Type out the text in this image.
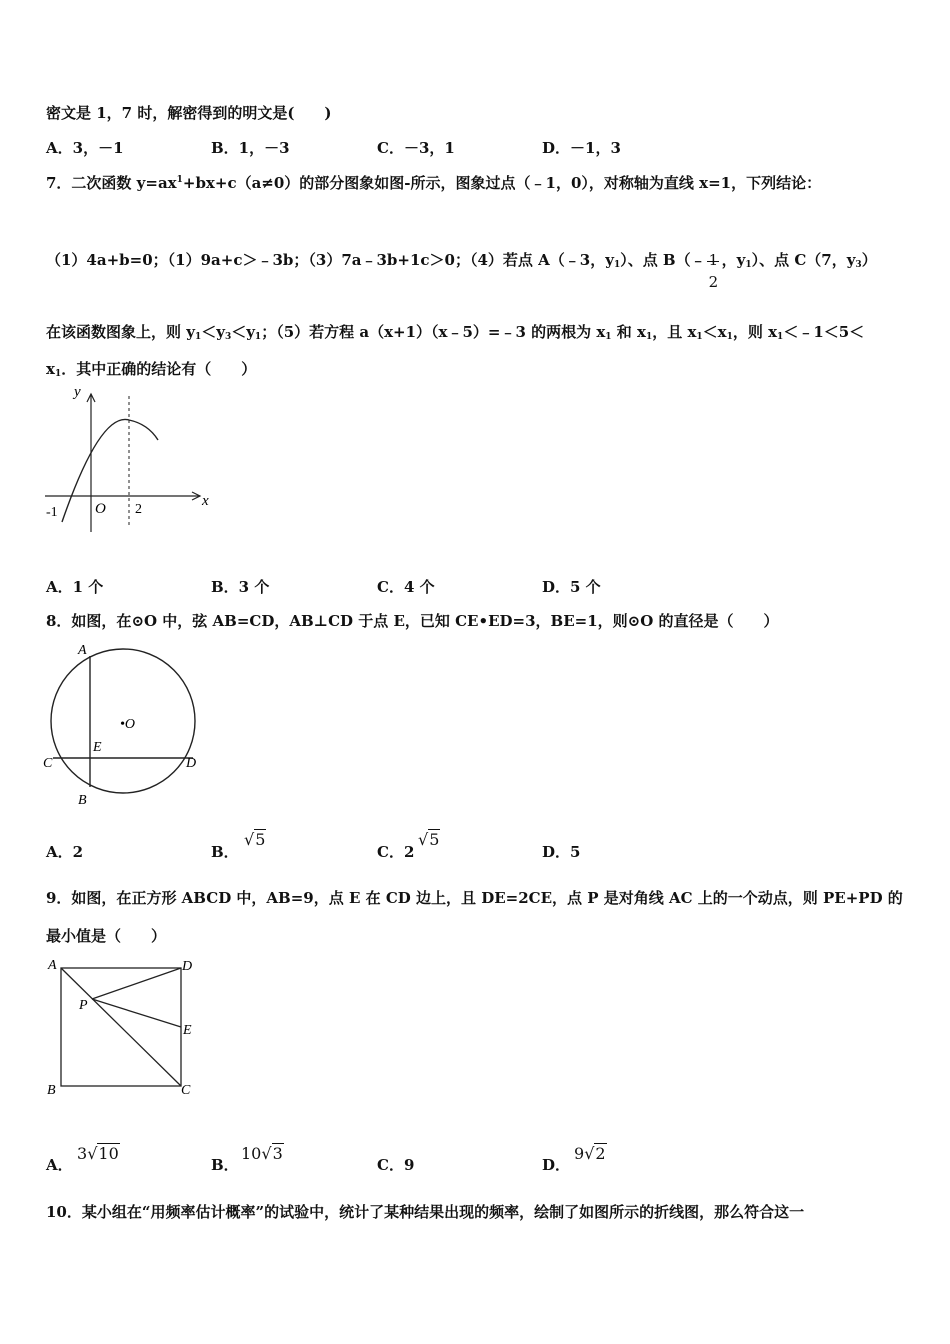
密文是 1，7 时，解密得到的明文是(　　)
A．3，－1	B．1，－3	C．－3，1	D．－1，3
7．二次函数 $y=ax^1+bx+c(a\ne 0)$的部分图象如图-所示，图象过点（﹣1，0），对称轴为直线 x=1，下列结论：
（1）4a+b=0；（1）9a+c＞﹣3b；（3）7a﹣3b+1c＞0；（4）若点 A（﹣3，$y_1$）、点 B（﹣ 1
2
，$y_1$）、点 C（7，$y_3$）
在该函数图象上，则 $y_1<y_3<y_1$；（5）若方程 a（x+1）（x﹣5）=﹣3 的两根为 $x_1$ 和 $x_1$，且 $x_1<x_1$，则 $x_1<﹣1<5<$
$x_1$．其中正确的结论有（　　）
y
x
O
-1	2
A．1 个	B．3 个	C．4 个	D．5 个
8．如图，在⊙O 中，弦 AB=CD，AB⊥CD 于点 E，已知 CE•ED=3，BE=1，则⊙O 的直径是（　　）
A
•O
E
C	D
B
A．2	B．
√5
C．2
√5
D．5
9．如图，在正方形 ABCD 中，AB=9，点 E 在 CD 边上，且 DE=2CE，点 P 是对角线 AC 上的一个动点，则 PE+PD 的
最小值是（　　）
A	D
P
E
B	C
A．
3√10
B．
10√3
C．9	D．
9√2
10．某小组在“用频率估计概率”的试验中，统计了某种结果出现的频率，绘制了如图所示的折线图，那么符合这一
